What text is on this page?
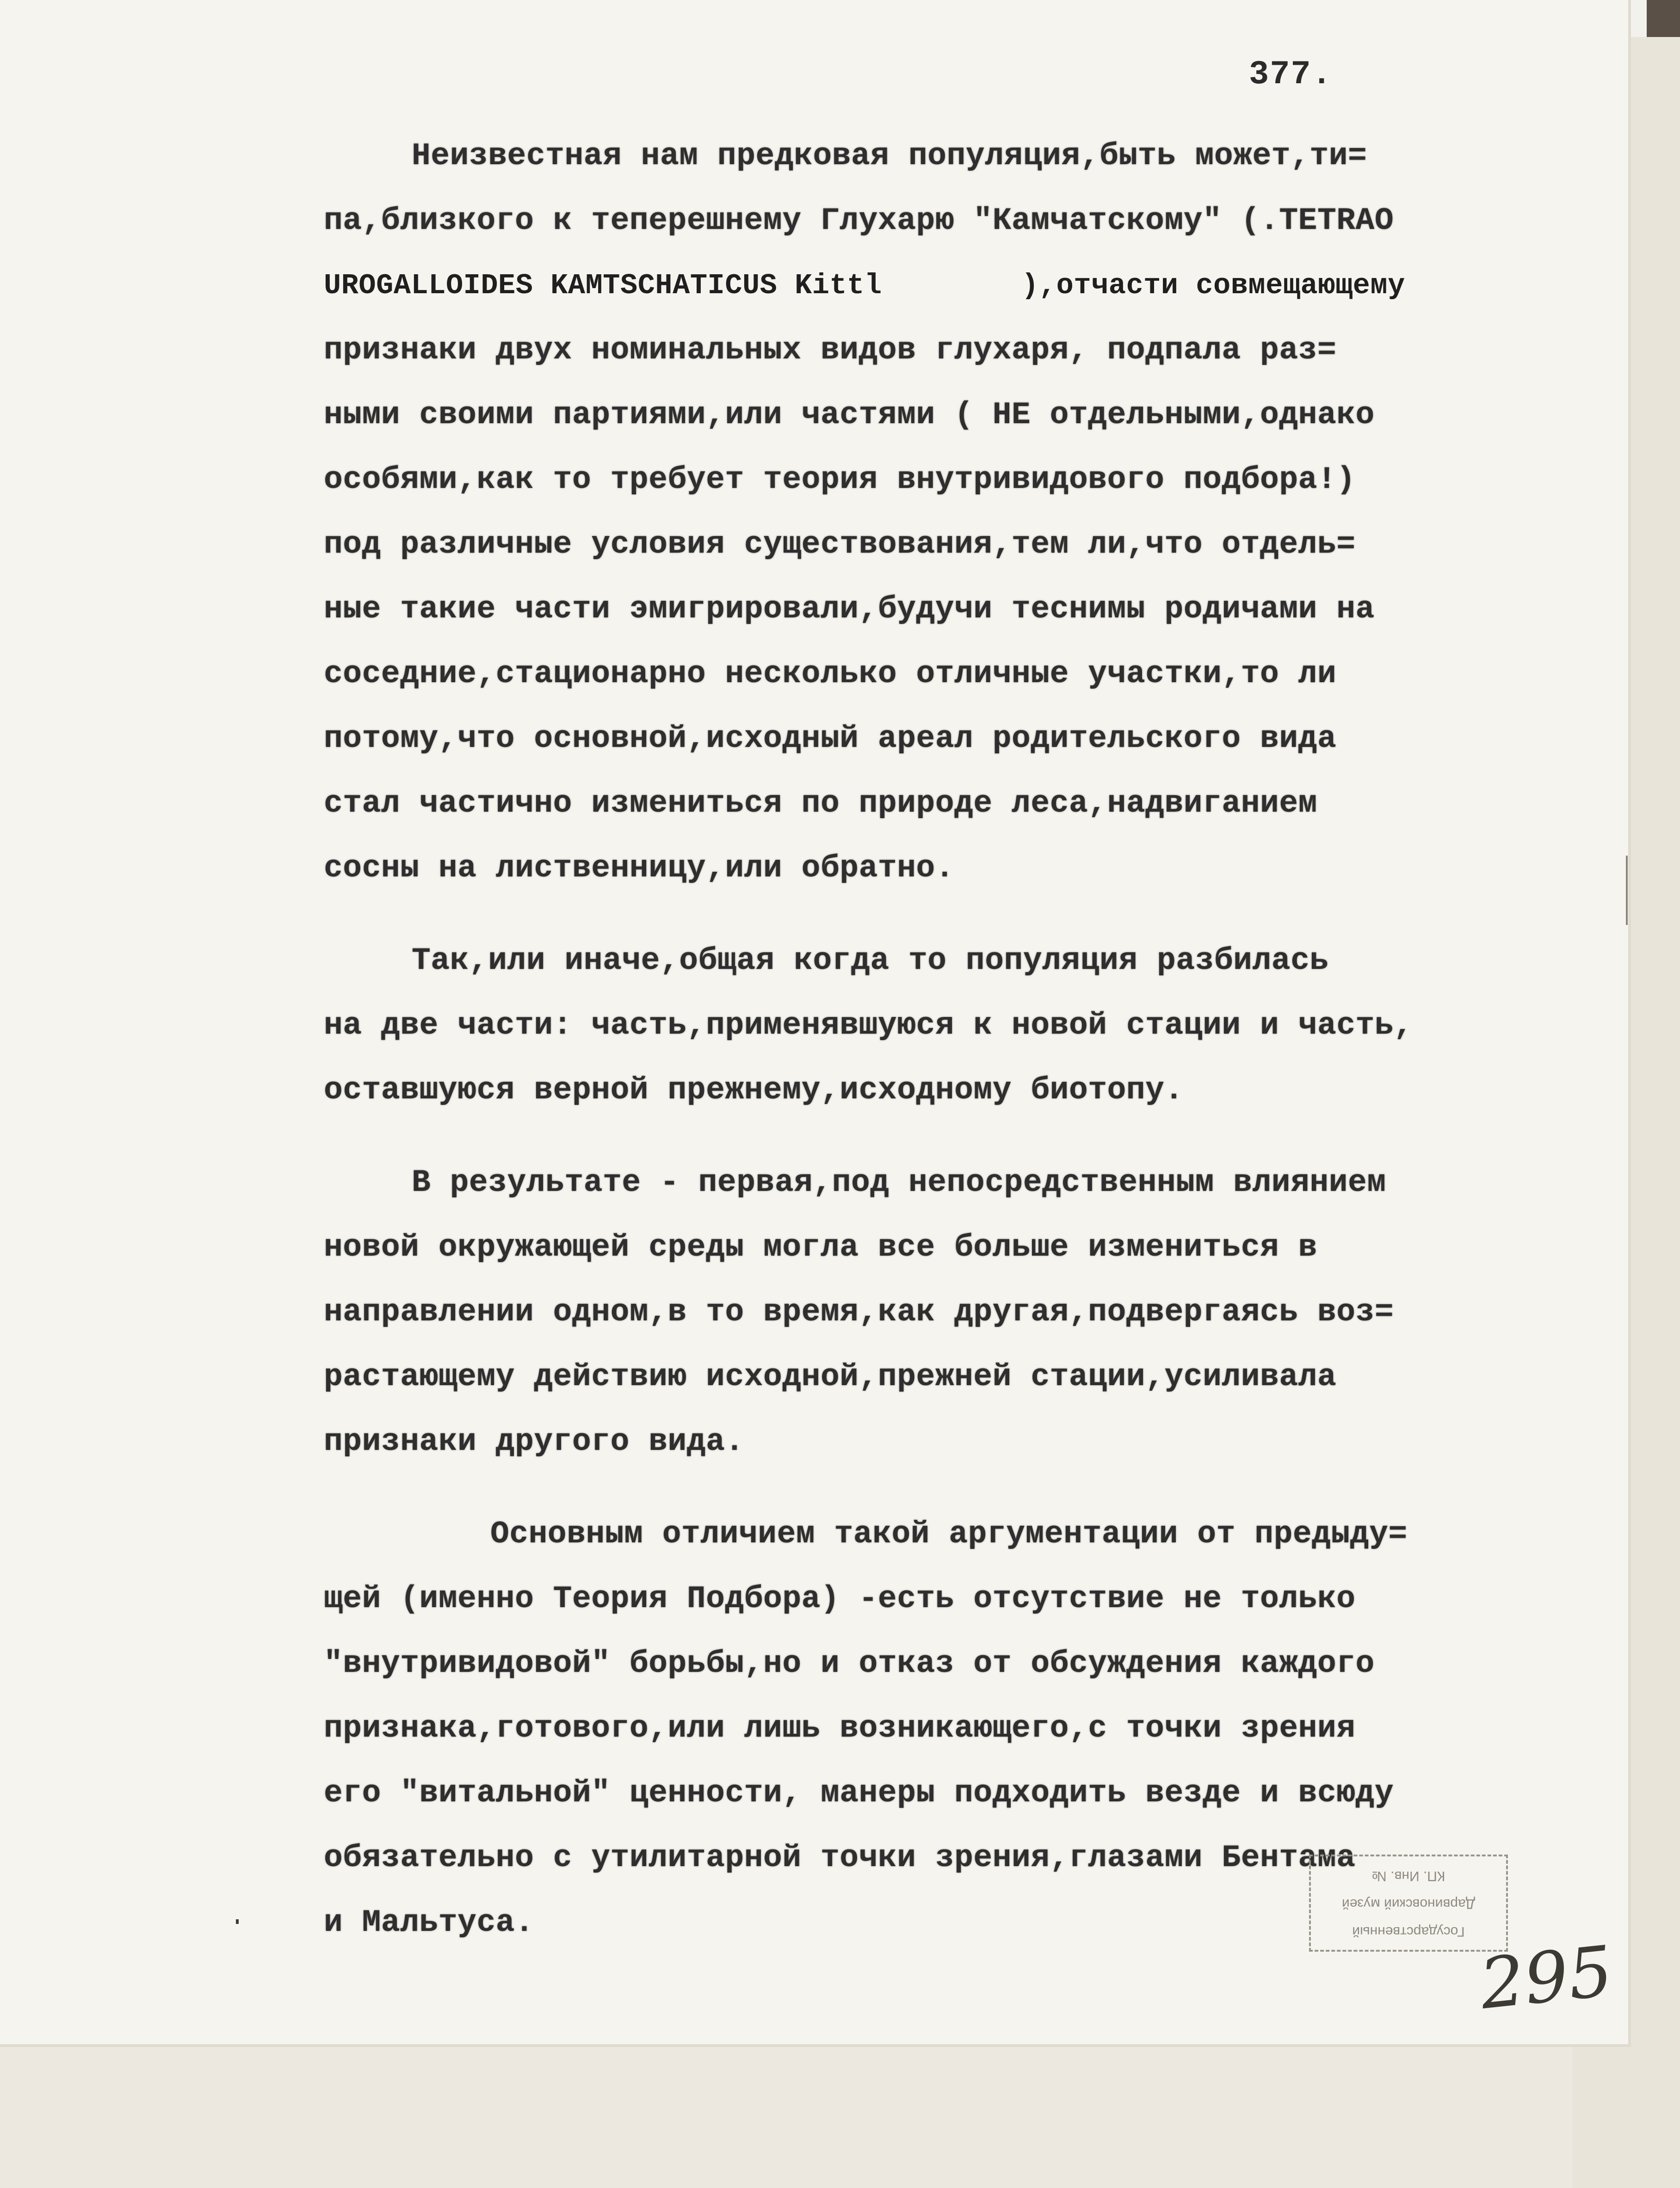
377.

Неизвестная нам предковая популяция,быть может,ти=

па,близкого к теперешнему Глухарю "Камчатскому" (.TETRAO

UROGALLOIDES KAMTSCHATICUS Kittl        ),отчасти совмещающему

признаки двух номинальных видов глухаря, подпала раз=

ными своими партиями,или частями ( НЕ отдельными,однако

особями,как то требует теория внутривидового подбора!)

под различные условия существования,тем ли,что отдель=

ные такие части эмигрировали,будучи теснимы родичами на

соседние,стационарно несколько отличные участки,то ли

потому,что основной,исходный ареал родительского вида

стал частично измениться по природе леса,надвиганием

сосны на лиственницу,или обратно.

Так,или иначе,общая когда то популяция разбилась

на две части: часть,применявшуюся к новой стации и часть,

оставшуюся верной прежнему,исходному биотопу.

В результате - первая,под непосредственным влиянием

новой окружающей среды могла все больше измениться в

направлении одном,в то время,как другая,подвергаясь воз=

растающему действию исходной,прежней стации,усиливала

признаки другого вида.

Основным отличием такой аргументации от предыду=

щей (именно Теория Подбора) -есть отсутствие не только

"внутривидовой" борьбы,но и отказ от обсуждения каждого

признака,готового,или лишь возникающего,с точки зрения

его "витальной" ценности, манеры подходить везде и всюду

обязательно с утилитарной точки зрения,глазами Бентама

и Мальтуса.	Государственный
Дарвиновский музей
КП. Инв. №
295
